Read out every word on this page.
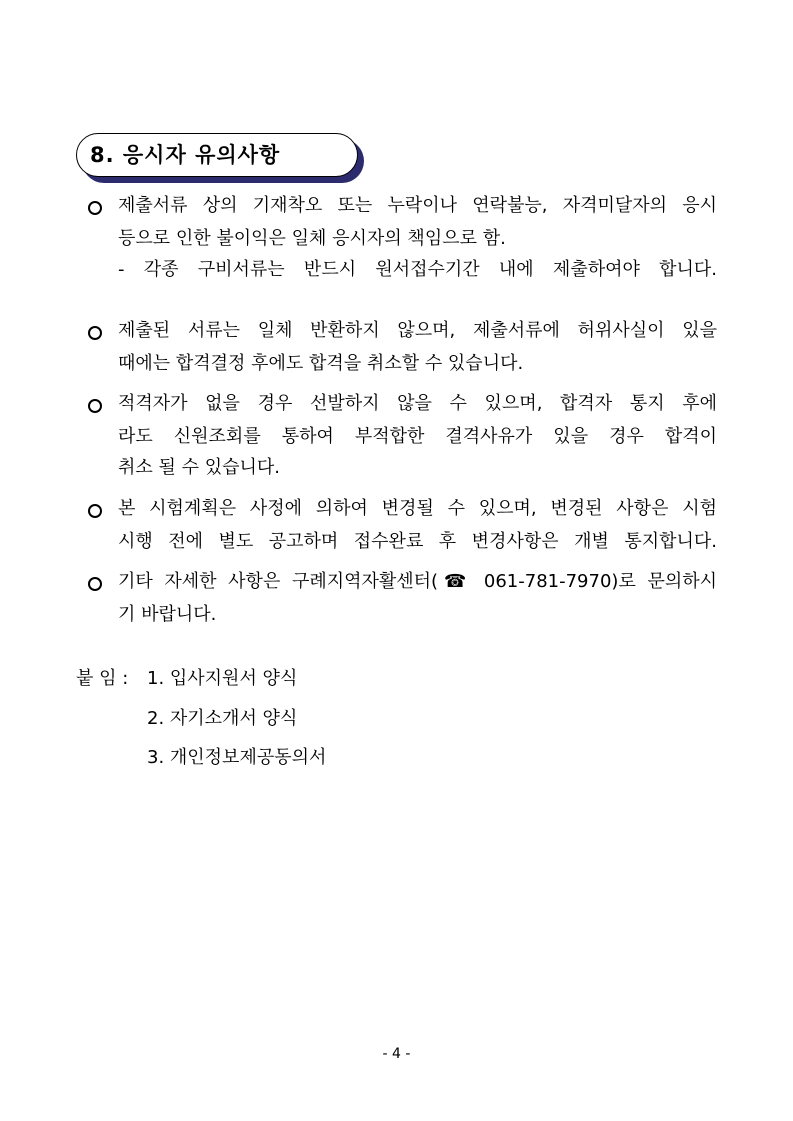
8. 응시자 유의사항
제출서류 상의 기재착오 또는 누락이나 연락불능, 자격미달자의 응시
등으로 인한 불이익은 일체 응시자의 책임으로 함.
- 각종 구비서류는 반드시 원서접수기간 내에 제출하여야 합니다.
제출된 서류는 일체 반환하지 않으며, 제출서류에 허위사실이 있을
때에는 합격결정 후에도 합격을 취소할 수 있습니다.
적격자가 없을 경우 선발하지 않을 수 있으며, 합격자 통지 후에
라도 신원조회를 통하여 부적합한 결격사유가 있을 경우 합격이
취소 될 수 있습니다.
본 시험계획은 사정에 의하여 변경될 수 있으며, 변경된 사항은 시험
시행 전에 별도 공고하며 접수완료 후 변경사항은 개별 통지합니다.
기타 자세한 사항은 구례지역자활센터(☎ 061-781-7970)로 문의하시
기 바랍니다.
붙 임 : 1. 입사지원서 양식
2. 자기소개서 양식
3. 개인정보제공동의서
- 4 -
